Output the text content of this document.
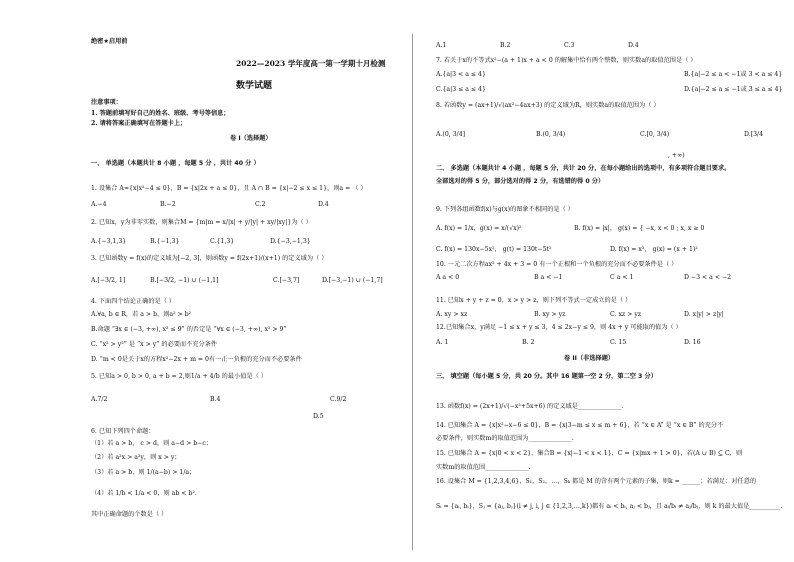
绝密★启用前
2022—2023 学年度高一第一学期十月检测
数学试题
注意事项：
1. 答题前填写好自己的姓名、班级、考号等信息；
2. 请将答案正确填写在答题卡上；
卷 I（选择题）
一、 单选题（本题共计 8 小题 ，每题 5 分 ，共计 40 分 ）
1. 设集合 A={x|x²−4 ≤ 0}，B = {x|2x + a ≤ 0}，且 A ∩ B = {x|−2 ≤ x ≤ 1}，则a = （ ）
A.−4	B.−2	C.2	D.4
2. 已知x，y为非零实数，则集合M = {m|m = x/|x| + y/|y| + xy/|xy|}为（ ）
A.{−3,1,3}	B.{−1,3}	C.{1,3}	D.{−3,−1,3}
3. 已知函数y = f(x)的定义域为[−2, 3]，则函数y = f(2x+1)/(x+1) 的定义域为（ ）
A.[−3/2, 1]	B.[−3/2, −1) ∪ (−1,1]	C.[−3,7]	D.[−3,−1) ∪ (−1,7]
4. 下面四个结论正确的是（ ）
A.∀a, b ∈ R，若 a > b，则a² > b²
B.命题 “∃x ∈ (−3, +∞), x² ≤ 9” 的否定是 “∀x ∈ (−3, +∞), x² > 9”
C. “x² > y²” 是 “x > y” 的必要而不充分条件
D. “m < 0是关于x的方程x²−2x + m = 0有一正一负根的充分而不必要条件
5. 已知a > 0, b > 0, a + b = 2,则1/a + 4/b 的最小值是（ ）
A.7/2	B.4	C.9/2
D.5
6. 已知下列四个命题：
（1）若 a > b， c > d，则 a−d > b−c；
（2）若 a²x > a²y，则 x > y；
（3）若 a > b，则 1/(a−b) > 1/a；
（4）若 1/b < 1/a < 0，则 ab < b².
其中正确命题的个数是（ ）
A.1	B.2	C.3	D.4
7. 若关于x的不等式x²−(a + 1)x + a < 0 的解集中恰有两个整数，则实数a的取值范围是（ ）
A.{a|3 < a ≤ 4}	B.{a|−2 ≤ a < −1或 3 < a ≤ 4}
C.{a|3 ≤ a ≤ 4}	D.{a|−2 ≤ a ≤ −1或 3 ≤ a ≤ 4}
8. 若函数y = (ax+1)/√(ax²−4ax+3) 的定义域为R，则实数a的取值范围为（ ）
A.(0, 3/4]	B.(0, 3/4)	C.[0, 3/4)	D.[3/4
, +∞)
二、 多选题（本题共计 4 小题 ，每题 5 分，共计 20 分，在每小题给出的选项中，有多项符合题目要求。
全部选对的得 5 分，部分选对的得 2 分，有选错的得 0 分）
9. 下列各组函数f(x)与g(x)的图象不相同的是（ ）
A. f(x) = 1/x，g(x) = x/(√x)²	B. f(x) = |x|， g(x) = { −x, x < 0 ; x, x ≥ 0
C. f(x) = 130x−5x²， g(t) = 130t−5t²	D. f(x) = x²， g(x) = (x + 1)²
10. 一元二次方程ax² + 4x + 3 = 0 有一个正根和一个负根的充分而不必要条件是（ ）
A a < 0	B a < −1	C a < 1	D −3 < a < −2
11. 已知x + y + z = 0，x > y > z，则下列不等式一定成立的是（ ）
A. xy > xz	B. xy > yz	C. xz > yz	D. x|y| > z|y|
12.已知集合x，y满足 −1 ≤ x + y ≤ 3，4 ≤ 2x−y ≤ 9，则 4x + y 可能取的值为（ ）
A. 1	B. 2	C. 15	D. 16
卷 II（非选择题）
三、 填空题（每小题 5 分，共 20 分。其中 16 题第一空 2 分，第二空 3 分）
13. 函数f(x) = (2x+1)/√(−x²+5x+6) 的定义域是______________.
14. 已知集合 A = {x|x²−x−6 ≤ 0}，B = {x|3−m ≤ x ≤ m + 6}，若 “x ∈ A” 是 “x ∈ B” 的充分不
必要条件，则实数m的取值范围为______________.
15. 已知集合 A = {x|0 < x < 2}，集合B = {x|−1 < x < 1}，C = {x|mx + 1 > 0}，若(A ∪ B) ⊆ C，则
实数m的取值范围______________.
16. 设集合 M = {1,2,3,4,6}，S₁，S₂，…，Sₖ 都是 M 的含有两个元素的子集，则k = ______；若满足：对任意的
Sᵢ = {aᵢ, bᵢ}，Sⱼ = {aⱼ, bⱼ}(i ≠ j, i, j ∈ {1,2,3,…,k})都有 aᵢ < bᵢ, aⱼ < bⱼ，且 aᵢ/bᵢ ≠ aⱼ/bⱼ，则 k 的最大值是__________.
